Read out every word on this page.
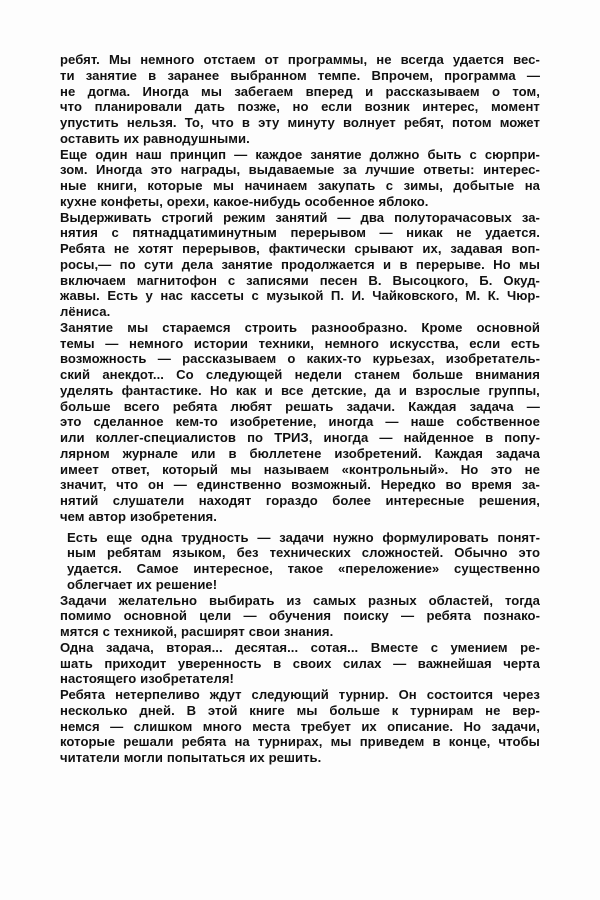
ребят. Мы немного отстаем от программы, не всегда удается вес-
ти занятие в заранее выбранном темпе. Впрочем, программа —
не догма. Иногда мы забегаем вперед и рассказываем о том,
что планировали дать позже, но если возник интерес, момент
упустить нельзя. То, что в эту минуту волнует ребят, потом может
оставить их равнодушными.

Еще один наш принцип — каждое занятие должно быть с сюрпри-
зом. Иногда это награды, выдаваемые за лучшие ответы: интерес-
ные книги, которые мы начинаем закупать с зимы, добытые на
кухне конфеты, орехи, какое-нибудь особенное яблоко.

Выдерживать строгий режим занятий — два полуторачасовых за-
нятия с пятнадцатиминутным перерывом — никак не удается.
Ребята не хотят перерывов, фактически срывают их, задавая воп-
росы,— по сути дела занятие продолжается и в перерыве. Но мы
включаем магнитофон с записями песен В. Высоцкого, Б. Окуд-
жавы. Есть у нас кассеты с музыкой П. И. Чайковского, М. К. Чюр-
лёниса.

Занятие мы стараемся строить разнообразно. Кроме основной
темы — немного истории техники, немного искусства, если есть
возможность — рассказываем о каких-то курьезах, изобретатель-
ский анекдот... Со следующей недели станем больше внимания
уделять фантастике. Но как и все детские, да и взрослые группы,
больше всего ребята любят решать задачи. Каждая задача —
это сделанное кем-то изобретение, иногда — наше собственное
или коллег-специалистов по ТРИЗ, иногда — найденное в попу-
лярном журнале или в бюллетене изобретений. Каждая задача
имеет ответ, который мы называем «контрольный». Но это не
значит, что он — единственно возможный. Нередко во время за-
нятий слушатели находят гораздо более интересные решения,
чем автор изобретения.

Есть еще одна трудность — задачи нужно формулировать понят-
ным ребятам языком, без технических сложностей. Обычно это
удается. Самое интересное, такое «переложение» существенно
облегчает их решение!

Задачи желательно выбирать из самых разных областей, тогда
помимо основной цели — обучения поиску — ребята познако-
мятся с техникой, расширят свои знания.

Одна задача, вторая... десятая... сотая... Вместе с умением ре-
шать приходит уверенность в своих силах — важнейшая черта
настоящего изобретателя!

Ребята нетерпеливо ждут следующий турнир. Он состоится через
несколько дней. В этой книге мы больше к турнирам не вер-
немся — слишком много места требует их описание. Но задачи,
которые решали ребята на турнирах, мы приведем в конце, чтобы
читатели могли попытаться их решить.
